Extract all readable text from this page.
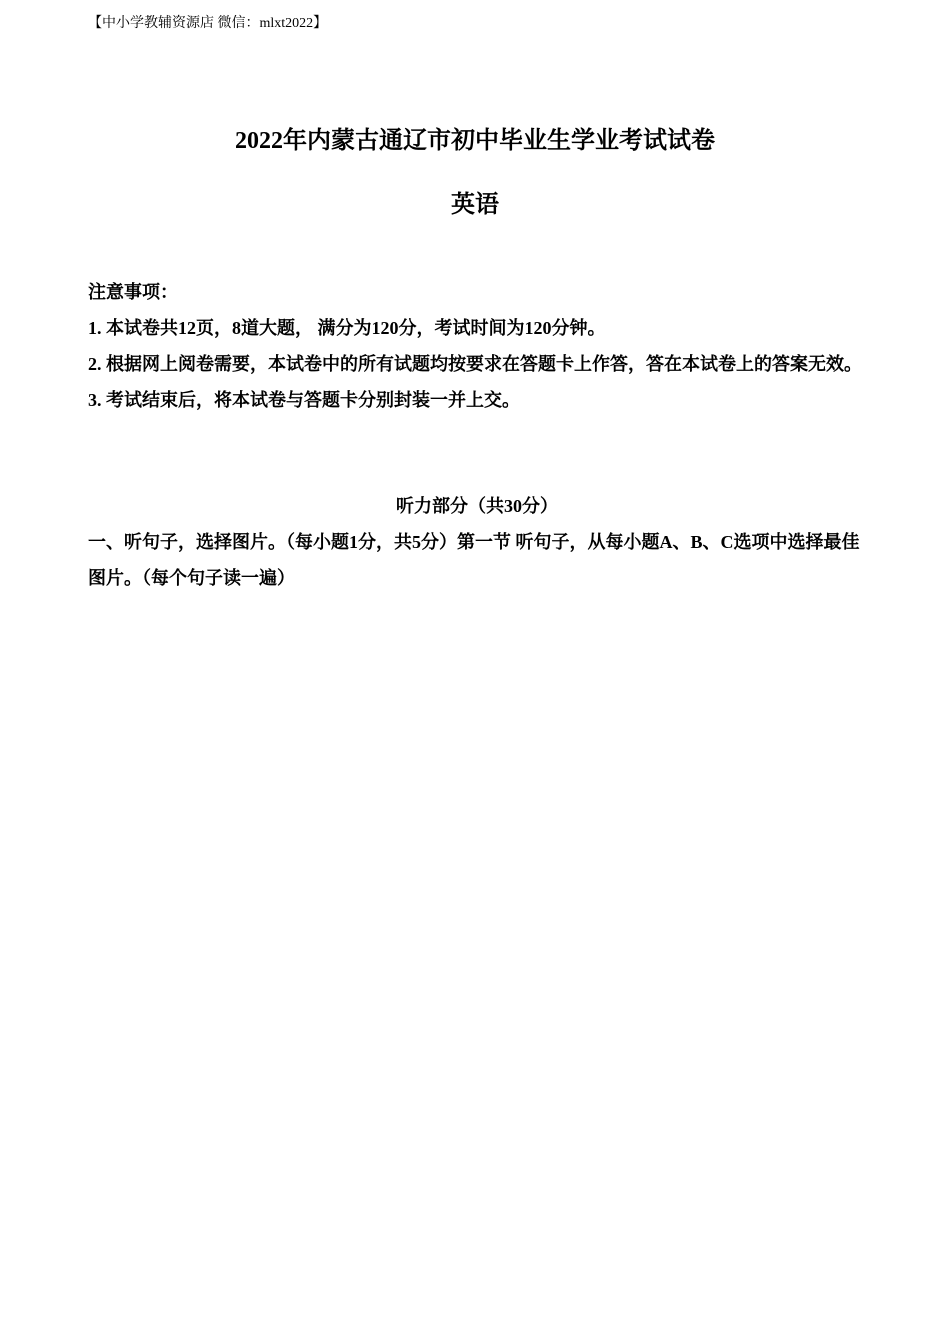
【中小学教辅资源店 微信：mlxt2022】
2022年内蒙古通辽市初中毕业生学业考试试卷
英语

注意事项：

1. 本试卷共12页，8道大题， 满分为120分，考试时间为120分钟。

2. 根据网上阅卷需要，本试卷中的所有试题均按要求在答题卡上作答，答在本试卷上的答案无效。

3. 考试结束后，将本试卷与答题卡分别封装一并上交。

听力部分（共30分）

一、听句子，选择图片。（每小题1分，共5分）第一节 听句子，从每小题A、B、C选项中选择最佳图片。（每个句子读一遍）
